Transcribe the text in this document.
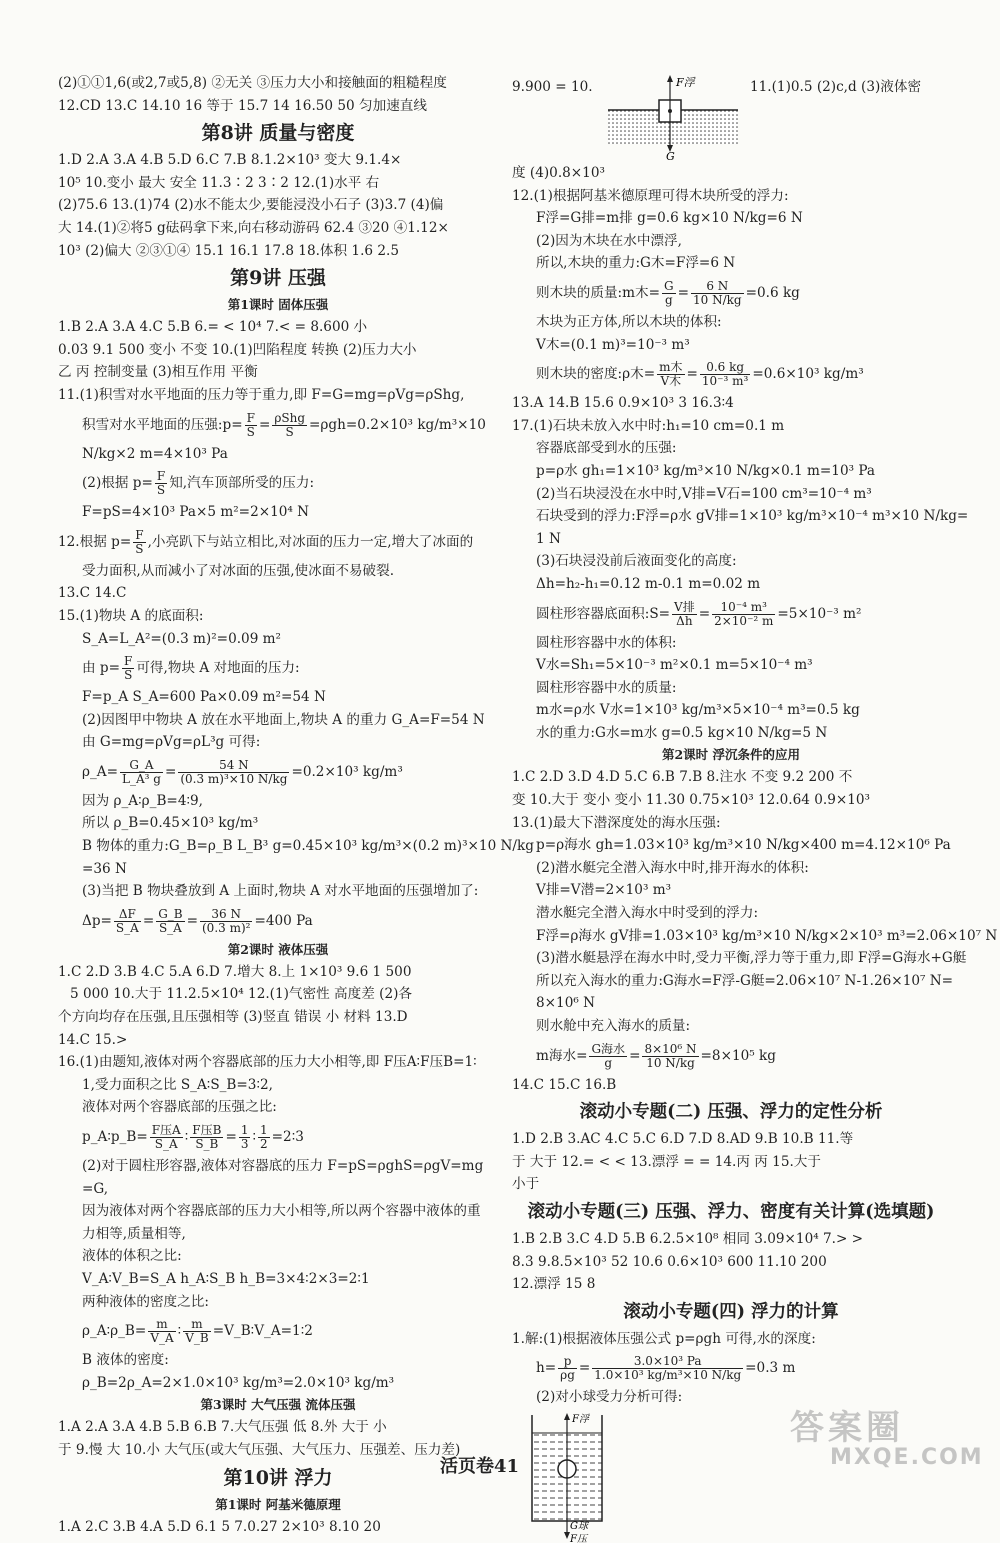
(2)①①1,6(或2,7或5,8) ②无关 ③压力大小和接触面的粗糙程度
12.CD 13.C 14.10 16 等于 15.7 14 16.50 50 匀加速直线
第8讲 质量与密度
1.D 2.A 3.A 4.B 5.D 6.C 7.B 8.1.2×10³ 变大 9.1.4×
10⁵ 10.变小 最大 安全 11.3∶2 3∶2 12.(1)水平 右
(2)75.6 13.(1)74 (2)水不能太少,要能浸没小石子 (3)3.7 (4)偏
大 14.(1)②将5 g砝码拿下来,向右移动游码 62.4 ③20 ④1.12×
10³ (2)偏大 ②③①④ 15.1 16.1 17.8 18.体积 1.6 2.5
第9讲 压强
第1课时 固体压强
1.B 2.A 3.A 4.C 5.B 6.= < 10⁴ 7.< = 8.600 小
0.03 9.1 500 变小 不变 10.(1)凹陷程度 转换 (2)压力大小
乙 丙 控制变量 (3)相互作用 平衡
11.(1)积雪对水平地面的压力等于重力,即 F=G=mg=ρVg=ρShg,
积雪对水平地面的压强:p= $\frac{F}{S} = \frac{\text{ρShg}}{S} =\rho gh=0.2\times 10^3$ kg/m³×10
N/kg×2 m=4×10³ Pa
(2)根据 $p= \frac{F}{S}$ 知,汽车顶部所受的压力:
F=pS=4×10³ Pa×5 m²=2×10⁴ N
12.根据 $p= \frac{F}{S}$ ,小亮趴下与站立相比,对冰面的压力一定,增大了冰面的
受力面积,从而减小了对冰面的压强,使冰面不易破裂.
13.C 14.C
15.(1)物块 A 的底面积:
S_A=L_A²=(0.3 m)²=0.09 m²
由 $p= \frac{F}{S}$ 可得,物块 A 对地面的压力:
F=p_A S_A=600 Pa×0.09 m²=54 N
(2)因图甲中物块 A 放在水平地面上,物块 A 的重力 G_A=F=54 N
由 G=mg=ρVg=ρL³g 可得:
ρ_A= $\frac{G\_A}{\text{L\_A³ g}} = \frac{54 N}{\text{(0.3 m)³×10 N/kg}} =0.2\times 10^3$ kg/m³
因为 ρ_A∶ρ_B=4∶9,
所以 ρ_B=0.45×10³ kg/m³
B 物体的重力:G_B=ρ_B L_B³ g=0.45×10³ kg/m³×(0.2 m)³×10 N/kg
=36 N
(3)当把 B 物块叠放到 A 上面时,物块 A 对水平地面的压强增加了:
$\Delta p= \frac{\Delta F}{S\_A} = \frac{G\_B}{S\_A} = \frac{36 N}{\text{(0.3 m)²}} =400$ Pa
第2课时 液体压强
1.C 2.D 3.B 4.C 5.A 6.D 7.增大 8.上 1×10³ 9.6 1 500
5 000 10.大于 11.2.5×10⁴ 12.(1)气密性 高度差 (2)各
个方向均存在压强,且压强相等 (3)竖直 错误 小 材料 13.D
14.C 15.>
16.(1)由题知,液体对两个容器底部的压力大小相等,即 F压A∶F压B=1∶
1,受力面积之比 S_A∶S_B=3∶2,
液体对两个容器底部的压强之比:
p_A∶p_B= $\frac{\text{F压A}}{S\_A}$ ∶ $\frac{\text{F压B}}{S\_B} = \frac{1}{3}$ ∶ $\frac{1}{2}$ =2∶3
(2)对于圆柱形容器,液体对容器底的压力 F=pS=ρghS=ρgV=mg
=G,
因为液体对两个容器底部的压力大小相等,所以两个容器中液体的重
力相等,质量相等,
液体的体积之比:
V_A∶V_B=S_A h_A∶S_B h_B=3×4∶2×3=2∶1
两种液体的密度之比:
ρ_A∶ρ_B= $\frac{m}{V\_A}$ ∶ $\frac{m}{V\_B}$ =V_B∶V_A=1∶2
B 液体的密度:
ρ_B=2ρ_A=2×1.0×10³ kg/m³=2.0×10³ kg/m³
第3课时 大气压强 流体压强
1.A 2.A 3.A 4.B 5.B 6.B 7.大气压强 低 8.外 大于 小
于 9.慢 大 10.小 大气压(或大气压强、大气压力、压强差、压力差)
第10讲 浮力
第1课时 阿基米德原理
1.A 2.C 3.B 4.A 5.D 6.1 5 7.0.27 2×10³ 8.10 20
9.900 = 10.	F浮
G
11.(1)0.5 (2)c,d (3)液体密
度 (4)0.8×10³
12.(1)根据阿基米德原理可得木块所受的浮力:
F浮=G排=m排 g=0.6 kg×10 N/kg=6 N
(2)因为木块在水中漂浮,
所以,木块的重力:G木=F浮=6 N
则木块的质量:m木= $\frac{G}{g} = \frac{6 N}{10 N/kg} =0.6$ kg
木块为正方体,所以木块的体积:
V木=(0.1 m)³=10⁻³ m³
则木块的密度:ρ木= $\frac{\text{m木}}{\text{V木}} = \frac{0.6 kg}{\text{10⁻³ m³}} =0.6\times 10^3$ kg/m³
13.A 14.B 15.6 0.9×10³ 3 16.3∶4
17.(1)石块未放入水中时:h₁=10 cm=0.1 m
容器底部受到水的压强:
p=ρ水 gh₁=1×10³ kg/m³×10 N/kg×0.1 m=10³ Pa
(2)当石块浸没在水中时,V排=V石=100 cm³=10⁻⁴ m³
石块受到的浮力:F浮=ρ水 gV排=1×10³ kg/m³×10⁻⁴ m³×10 N/kg=
1 N
(3)石块浸没前后液面变化的高度:
Δh=h₂-h₁=0.12 m-0.1 m=0.02 m
圆柱形容器底面积:S= $\frac{\text{V排}}{\Delta h} = \frac{\text{10⁻⁴ m³}}{\text{2×10⁻² m}} =5\times 10^{-3}$ m²
圆柱形容器中水的体积:
V水=Sh₁=5×10⁻³ m²×0.1 m=5×10⁻⁴ m³
圆柱形容器中水的质量:
m水=ρ水 V水=1×10³ kg/m³×5×10⁻⁴ m³=0.5 kg
水的重力:G水=m水 g=0.5 kg×10 N/kg=5 N
第2课时 浮沉条件的应用
1.C 2.D 3.D 4.D 5.C 6.B 7.B 8.注水 不变 9.2 200 不
变 10.大于 变小 变小 11.30 0.75×10³ 12.0.64 0.9×10³
13.(1)最大下潜深度处的海水压强:
p=ρ海水 gh=1.03×10³ kg/m³×10 N/kg×400 m=4.12×10⁶ Pa
(2)潜水艇完全潜入海水中时,排开海水的体积:
V排=V潜=2×10³ m³
潜水艇完全潜入海水中时受到的浮力:
F浮=ρ海水 gV排=1.03×10³ kg/m³×10 N/kg×2×10³ m³=2.06×10⁷ N
(3)潜水艇悬浮在海水中时,受力平衡,浮力等于重力,即 F浮=G海水+G艇
所以充入海水的重力:G海水=F浮-G艇=2.06×10⁷ N-1.26×10⁷ N=
8×10⁶ N
则水舱中充入海水的质量:
m海水= $\frac{\text{G海水}}{g} = \frac{\text{8×10⁶ N}}{10 N/kg} =8\times 10^5$ kg
14.C 15.C 16.B
滚动小专题(二) 压强、浮力的定性分析
1.D 2.B 3.AC 4.C 5.C 6.D 7.D 8.AD 9.B 10.B 11.等
于 大于 12.= < < 13.漂浮 = = 14.丙 丙 15.大于
小于
滚动小专题(三) 压强、浮力、密度有关计算(选填题)
1.B 2.B 3.C 4.D 5.B 6.2.5×10⁸ 相同 3.09×10⁴ 7.> >
8.3 9.8.5×10³ 52 10.6 0.6×10³ 600 11.10 200
12.漂浮 15 8
滚动小专题(四) 浮力的计算
1.解:(1)根据液体压强公式 p=ρgh 可得,水的深度:
$h= \frac{p}{\rho g} = \frac{\text{3.0×10³ Pa}}{\text{1.0×10³ kg/m³×10 N/kg}} =0.3$ m
(2)对小球受力分析可得:
F浮
G球
F压
活页卷41
答案圈
MXQE.COM
